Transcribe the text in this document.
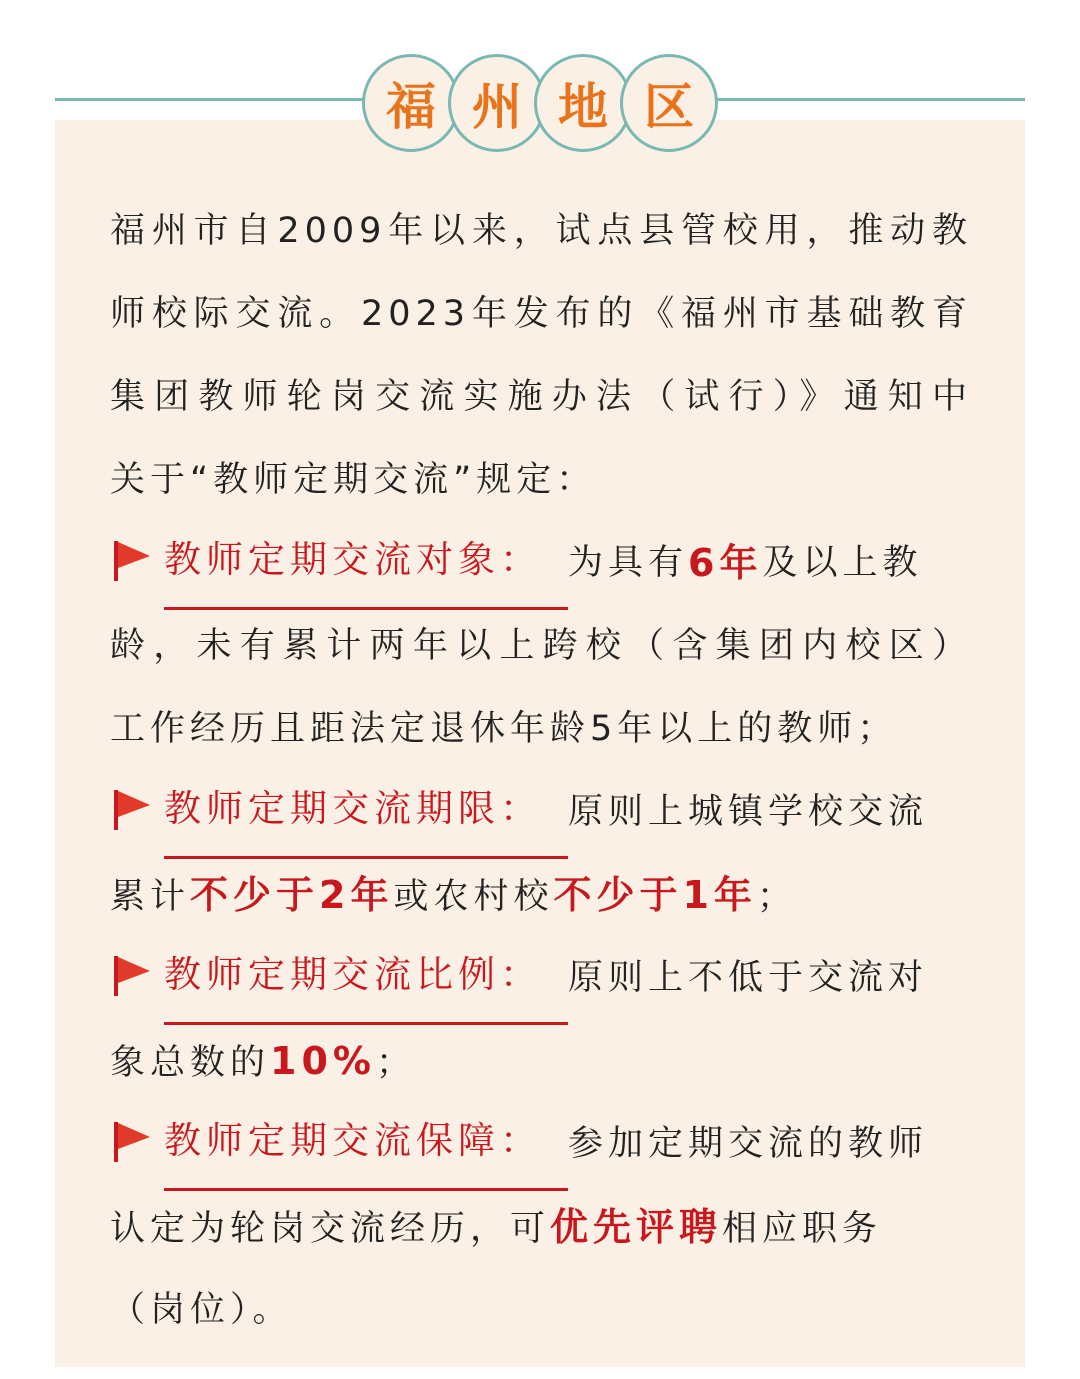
福 州 地 区
福州市自2009年以来，试点县管校用，推动教
师校际交流。2023年发布的《福州市基础教育
集团教师轮岗交流实施办法（试行）》通知中
关于“教师定期交流”规定：
教师定期交流对象： 为具有 6年 及以上教
龄，未有累计两年以上跨校（含集团内校区）
工作经历且距法定退休年龄5年以上的教师；
教师定期交流期限： 原则上城镇学校交流
累计不少于2年或农村校不少于1年；
教师定期交流比例： 原则上不低于交流对
象总数的10%；
教师定期交流保障： 参加定期交流的教师
认定为轮岗交流经历，可优先评聘相应职务
（岗位）。
